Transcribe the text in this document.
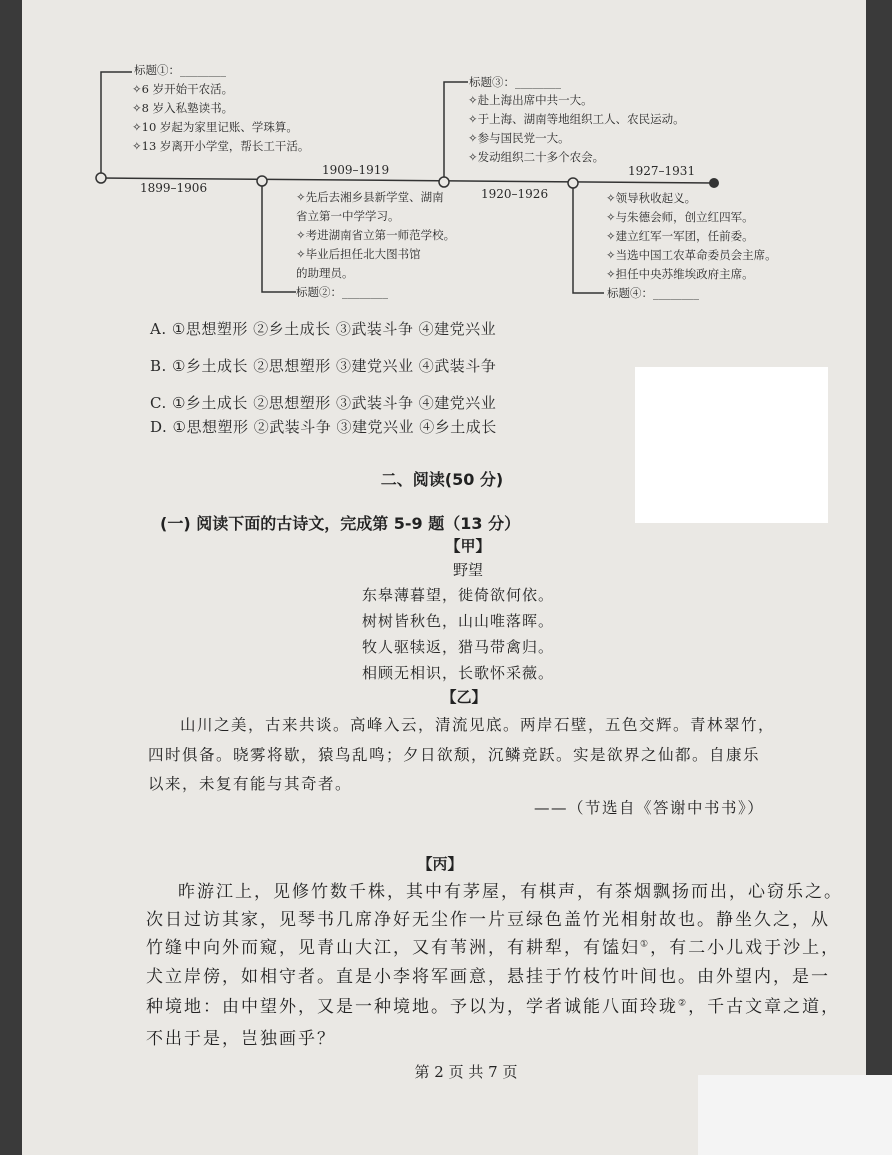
标题①：________
✧6 岁开始干农活。
✧8 岁入私塾读书。
✧10 岁起为家里记账、学珠算。
✧13 岁离开小学堂，帮长工干活。
1899–1906
1909–1919
✧先后去湘乡县新学堂、湖南
省立第一中学学习。
✧考进湖南省立第一师范学校。
✧毕业后担任北大图书馆
的助理员。
标题②：________
标题③：________
✧赴上海出席中共一大。
✧于上海、湖南等地组织工人、农民运动。
✧参与国民党一大。
✧发动组织二十多个农会。
1920–1926
1927–1931
✧领导秋收起义。
✧与朱德会师，创立红四军。
✧建立红军一军团，任前委。
✧当选中国工农革命委员会主席。
✧担任中央苏维埃政府主席。
标题④：________
A. ①思想塑形 ②乡土成长 ③武装斗争 ④建党兴业
B. ①乡土成长 ②思想塑形 ③建党兴业 ④武装斗争
C. ①乡土成长 ②思想塑形 ③武装斗争 ④建党兴业
D. ①思想塑形 ②武装斗争 ③建党兴业 ④乡土成长
二、阅读(50 分)
(一) 阅读下面的古诗文，完成第 5-9 题（13 分）
【甲】
野望
东皋薄暮望，徙倚欲何依。
树树皆秋色，山山唯落晖。
牧人驱犊返，猎马带禽归。
相顾无相识，长歌怀采薇。
【乙】
山川之美，古来共谈。高峰入云，清流见底。两岸石壁，五色交辉。青林翠竹，
四时俱备。晓雾将歇，猿鸟乱鸣；夕日欲颓，沉鳞竞跃。实是欲界之仙都。自康乐
以来，未复有能与其奇者。
——（节选自《答谢中书书》）
【丙】
昨游江上，见修竹数千株，其中有茅屋，有棋声，有茶烟飘扬而出，心窃乐之。
次日过访其家，见琴书几席净好无尘作一片豆绿色盖竹光相射故也。静坐久之，从
竹缝中向外而窥，见青山大江，又有苇洲，有耕犁，有馌妇①，有二小儿戏于沙上，
犬立岸傍，如相守者。直是小李将军画意，悬挂于竹枝竹叶间也。由外望内，是一
种境地：由中望外，又是一种境地。予以为，学者诚能八面玲珑②，千古文章之道，
不出于是，岂独画乎？
第 2 页 共 7 页
